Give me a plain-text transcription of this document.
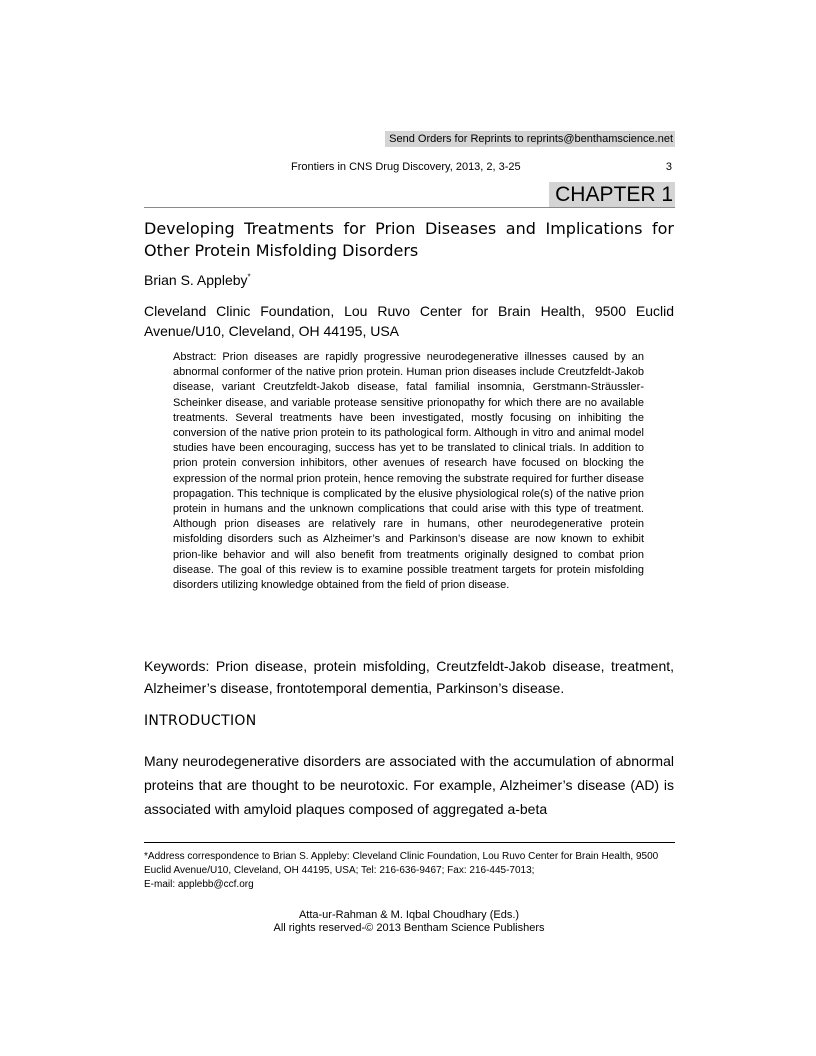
Send Orders for Reprints to reprints@benthamscience.net
Frontiers in CNS Drug Discovery, 2013, 2, 3-25	3
CHAPTER 1
Developing Treatments for Prion Diseases and Implications for Other Protein Misfolding Disorders
Brian S. Appleby*
Cleveland Clinic Foundation, Lou Ruvo Center for Brain Health, 9500 Euclid Avenue/U10, Cleveland, OH 44195, USA

Abstract: Prion diseases are rapidly progressive neurodegenerative illnesses caused by an abnormal conformer of the native prion protein. Human prion diseases include Creutzfeldt-Jakob disease, variant Creutzfeldt-Jakob disease, fatal familial insomnia, Gerstmann-Sträussler-Scheinker disease, and variable protease sensitive prionopathy for which there are no available treatments. Several treatments have been investigated, mostly focusing on inhibiting the conversion of the native prion protein to its pathological form. Although in vitro and animal model studies have been encouraging, success has yet to be translated to clinical trials. In addition to prion protein conversion inhibitors, other avenues of research have focused on blocking the expression of the normal prion protein, hence removing the substrate required for further disease propagation. This technique is complicated by the elusive physiological role(s) of the native prion protein in humans and the unknown complications that could arise with this type of treatment. Although prion diseases are relatively rare in humans, other neurodegenerative protein misfolding disorders such as Alzheimer’s and Parkinson’s disease are now known to exhibit prion-like behavior and will also benefit from treatments originally designed to combat prion disease. The goal of this review is to examine possible treatment targets for protein misfolding disorders utilizing knowledge obtained from the field of prion disease.

Keywords: Prion disease, protein misfolding, Creutzfeldt-Jakob disease, treatment, Alzheimer’s disease, frontotemporal dementia, Parkinson’s disease.

INTRODUCTION

Many neurodegenerative disorders are associated with the accumulation of abnormal proteins that are thought to be neurotoxic. For example, Alzheimer’s disease (AD) is associated with amyloid plaques composed of aggregated a-beta

*Address correspondence to Brian S. Appleby: Cleveland Clinic Foundation, Lou Ruvo Center for Brain Health, 9500 Euclid Avenue/U10, Cleveland, OH 44195, USA; Tel: 216-636-9467; Fax: 216-445-7013;
E-mail: applebb@ccf.org

Atta-ur-Rahman & M. Iqbal Choudhary (Eds.)
All rights reserved-© 2013 Bentham Science Publishers
